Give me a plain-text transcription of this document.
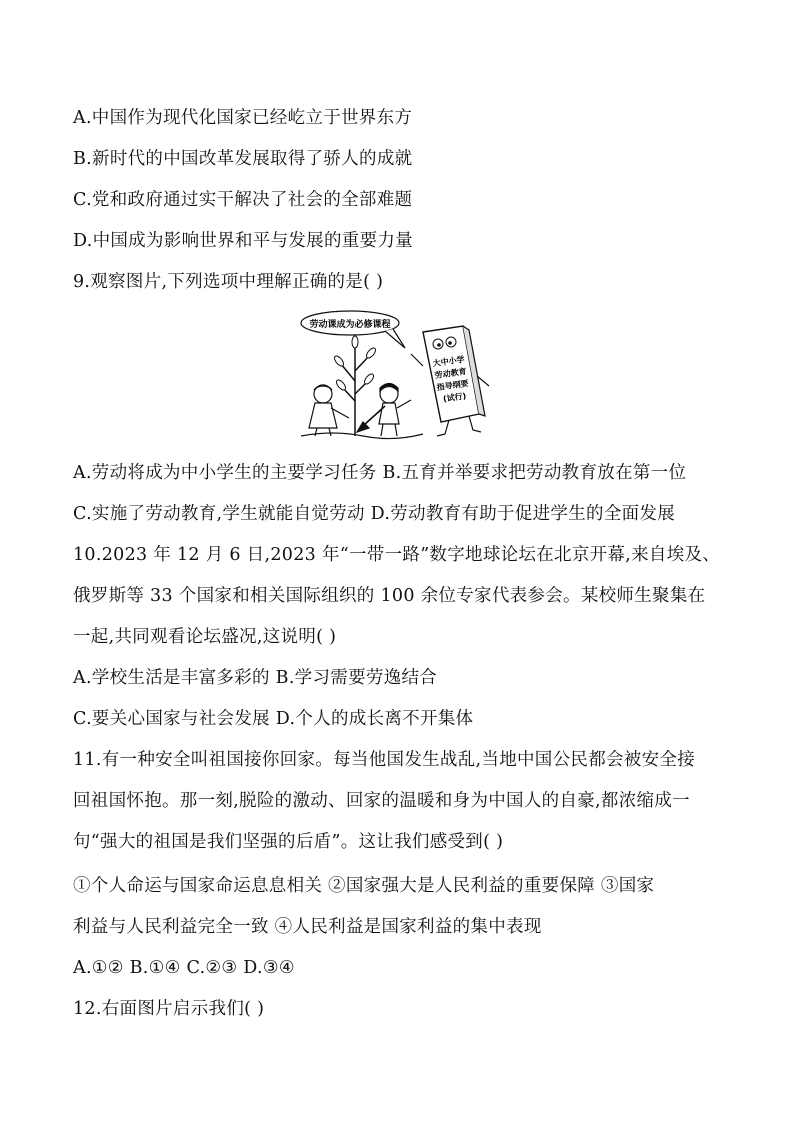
A.中国作为现代化国家已经屹立于世界东方
B.新时代的中国改革发展取得了骄人的成就
C.党和政府通过实干解决了社会的全部难题
D.中国成为影响世界和平与发展的重要力量
9.观察图片,下列选项中理解正确的是( )
劳动课成为必修课程
大中小学
劳动教育
指导纲要
(试行)
A.劳动将成为中小学生的主要学习任务 B.五育并举要求把劳动教育放在第一位
C.实施了劳动教育,学生就能自觉劳动 D.劳动教育有助于促进学生的全面发展
10.2023 年 12 月 6 日,2023 年“一带一路”数字地球论坛在北京开幕,来自埃及、
俄罗斯等 33 个国家和相关国际组织的 100 余位专家代表参会。某校师生聚集在
一起,共同观看论坛盛况,这说明( )
A.学校生活是丰富多彩的 B.学习需要劳逸结合
C.要关心国家与社会发展 D.个人的成长离不开集体
11.有一种安全叫祖国接你回家。每当他国发生战乱,当地中国公民都会被安全接
回祖国怀抱。那一刻,脱险的激动、回家的温暖和身为中国人的自豪,都浓缩成一
句“强大的祖国是我们坚强的后盾”。这让我们感受到( )
①个人命运与国家命运息息相关 ②国家强大是人民利益的重要保障 ③国家
利益与人民利益完全一致 ④人民利益是国家利益的集中表现
A.①② B.①④ C.②③ D.③④
12.右面图片启示我们( )
